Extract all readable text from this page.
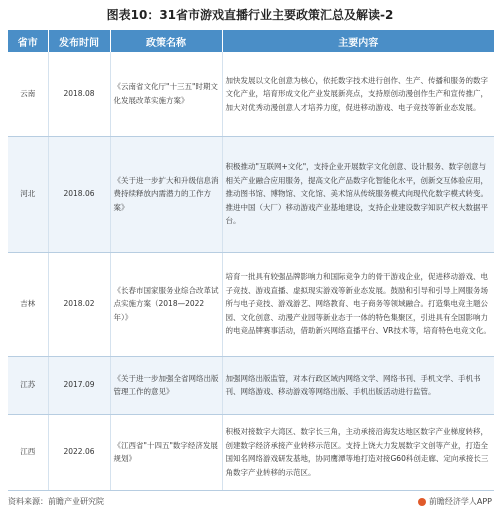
图表10：31省市游戏直播行业主要政策汇总及解读-2
省市	发布时间	政策名称	主要内容
云南	2018.08	《云南省文化厅"十三五"时期文化发展改革实施方案》	加快发展以文化创意为核心，依托数字技术进行创作、生产、传播和服务的数字文化产业，培育形成文化产业发展新亮点，支持原创动漫创作生产和宣传推广，加大对优秀动漫创意人才培养力度，促进移动游戏、电子竞技等新业态发展。
河北	2018.06	《关于进一步扩大和升级信息消费持续释放内需潜力的工作方案》	积极推动"互联网+文化"，支持企业开展数字文化创意、设计服务、数字创意与相关产业融合应用服务，提高文化产品数字化智能化水平，创新交互体验应用，推动图书馆、博物馆、文化馆、美术馆从传统服务模式向现代化数字模式转变。推进中国（大厂）移动游戏产业基地建设，支持企业建设数字知识产权大数据平台。
吉林	2018.02	《长春市国家服务业综合改革试点实施方案（2018—2022年）》	培育一批具有较强品牌影响力和国际竞争力的骨干游戏企业，促进移动游戏、电子竞技、游戏直播、虚拟现实游戏等新业态发展。鼓励和引导和引导上网服务场所与电子竞技、游戏游艺、网络教育、电子商务等领域融合。打造集电竞主题公园、文化创意、动漫产业园等新业态于一体的特色集聚区，引进具有全国影响力的电竞品牌赛事活动，借助新兴网络直播平台、VR技术等，培育特色电竞文化。
江苏	2017.09	《关于进一步加强全省网络出版管理工作的意见》	加强网络出版监管，对本行政区域内网络文学、网络书刊、手机文学、手机书刊、网络游戏、移动游戏等网络出版、手机出版活动进行监管。
江西	2022.06	《江西省"十四五"数字经济发展规划》	积极对接数字大湾区、数字长三角，主动承接沿海发达地区数字产业梯度转移，创建数字经济承接产业转移示范区。支持上饶大力发展数字文创等产业，打造全国知名网络游戏研发基地，协同鹰潭等地打造对接G60科创走廊、定向承接长三角数字产业转移的示范区。
资料来源：前瞻产业研究院	前瞻经济学人APP
